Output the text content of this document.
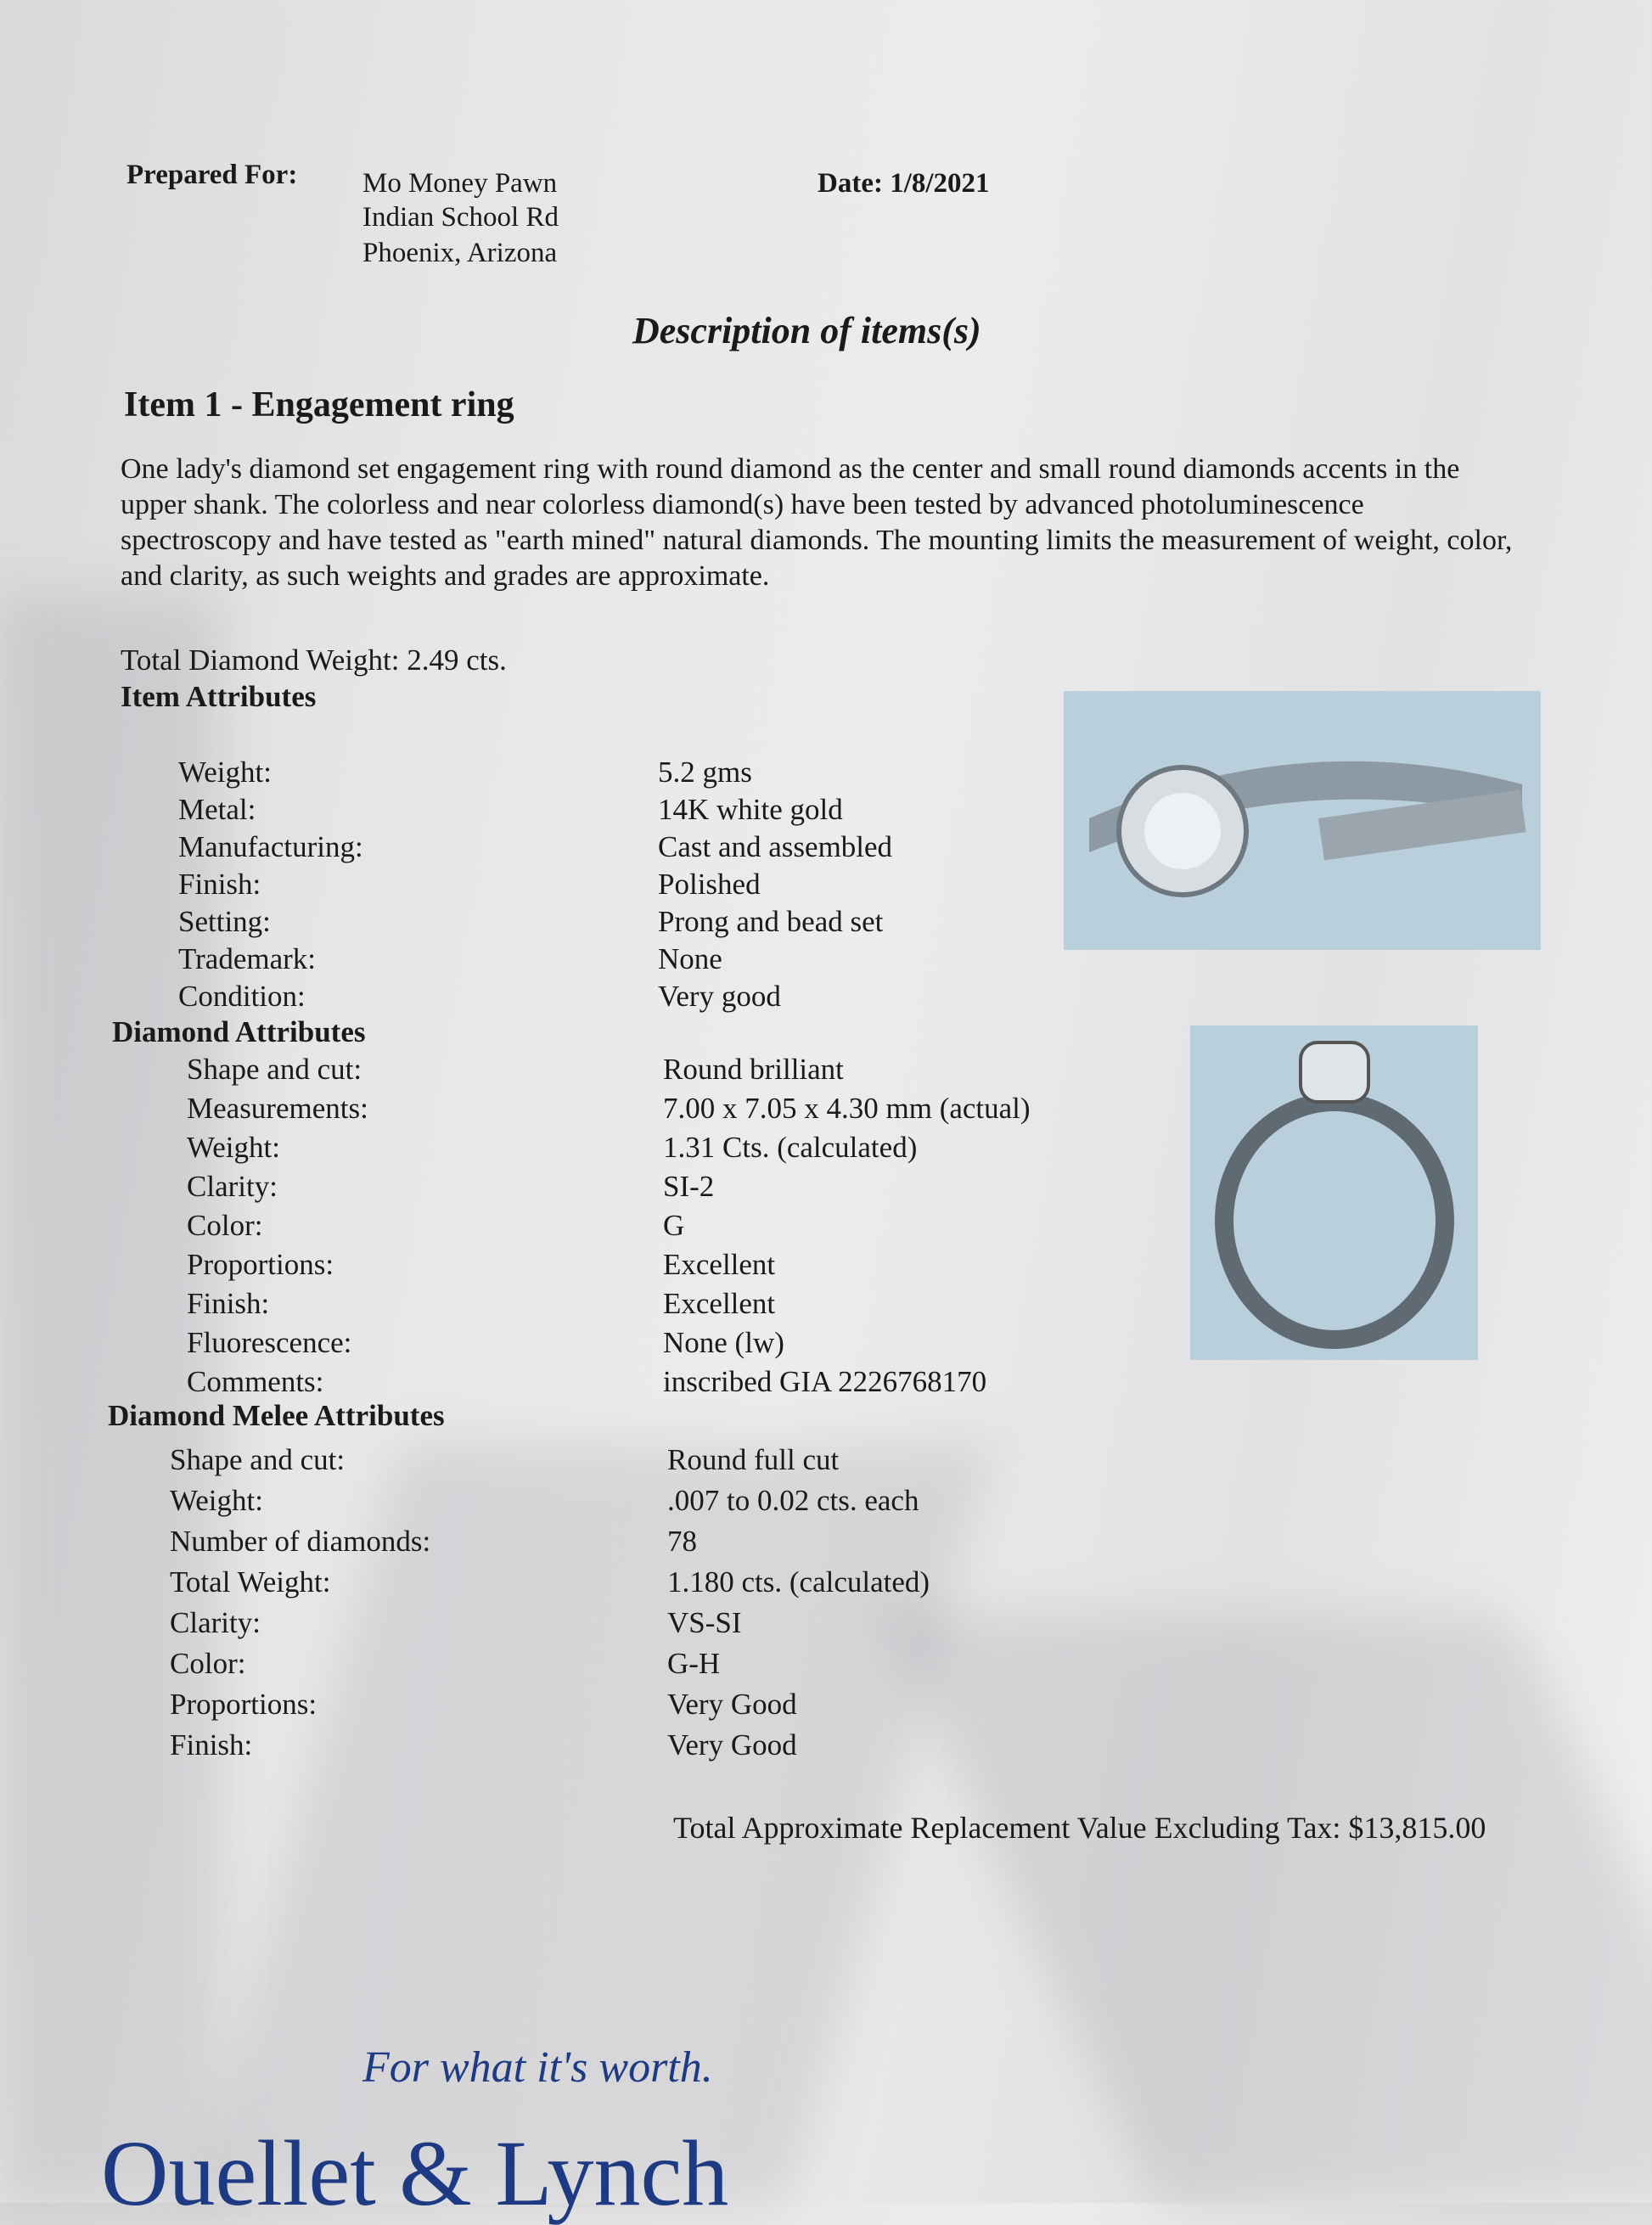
Prepared For: Mo Money Pawn
Indian School Rd
Phoenix, Arizona
Date: 1/8/2021
Description of items(s)
Item 1 - Engagement ring
One lady's diamond set engagement ring with round diamond as the center and small round diamonds accents in the upper shank. The colorless and near colorless diamond(s) have been tested by advanced photoluminescence spectroscopy and have tested as "earth mined" natural diamonds. The mounting limits the measurement of weight, color, and clarity, as such weights and grades are approximate.
Total Diamond Weight: 2.49 cts.
Item Attributes
Weight:	5.2 gms
Metal:	14K white gold
Manufacturing:	Cast and assembled
Finish:	Polished
Setting:	Prong and bead set
Trademark:	None
Condition:	Very good
Diamond Attributes
Shape and cut:	Round brilliant
Measurements:	7.00 x 7.05 x 4.30 mm (actual)
Weight:	1.31 Cts. (calculated)
Clarity:	SI-2
Color:	G
Proportions:	Excellent
Finish:	Excellent
Fluorescence:	None (lw)
Comments:	inscribed GIA 2226768170
Diamond Melee Attributes
Shape and cut:	Round full cut
Weight:	.007 to 0.02 cts. each
Number of diamonds:	78
Total Weight:	1.180 cts. (calculated)
Clarity:	VS-SI
Color:	G-H
Proportions:	Very Good
Finish:	Very Good
Total Approximate Replacement Value Excluding Tax: $13,815.00
For what it's worth.
Ouellet & Lynch
